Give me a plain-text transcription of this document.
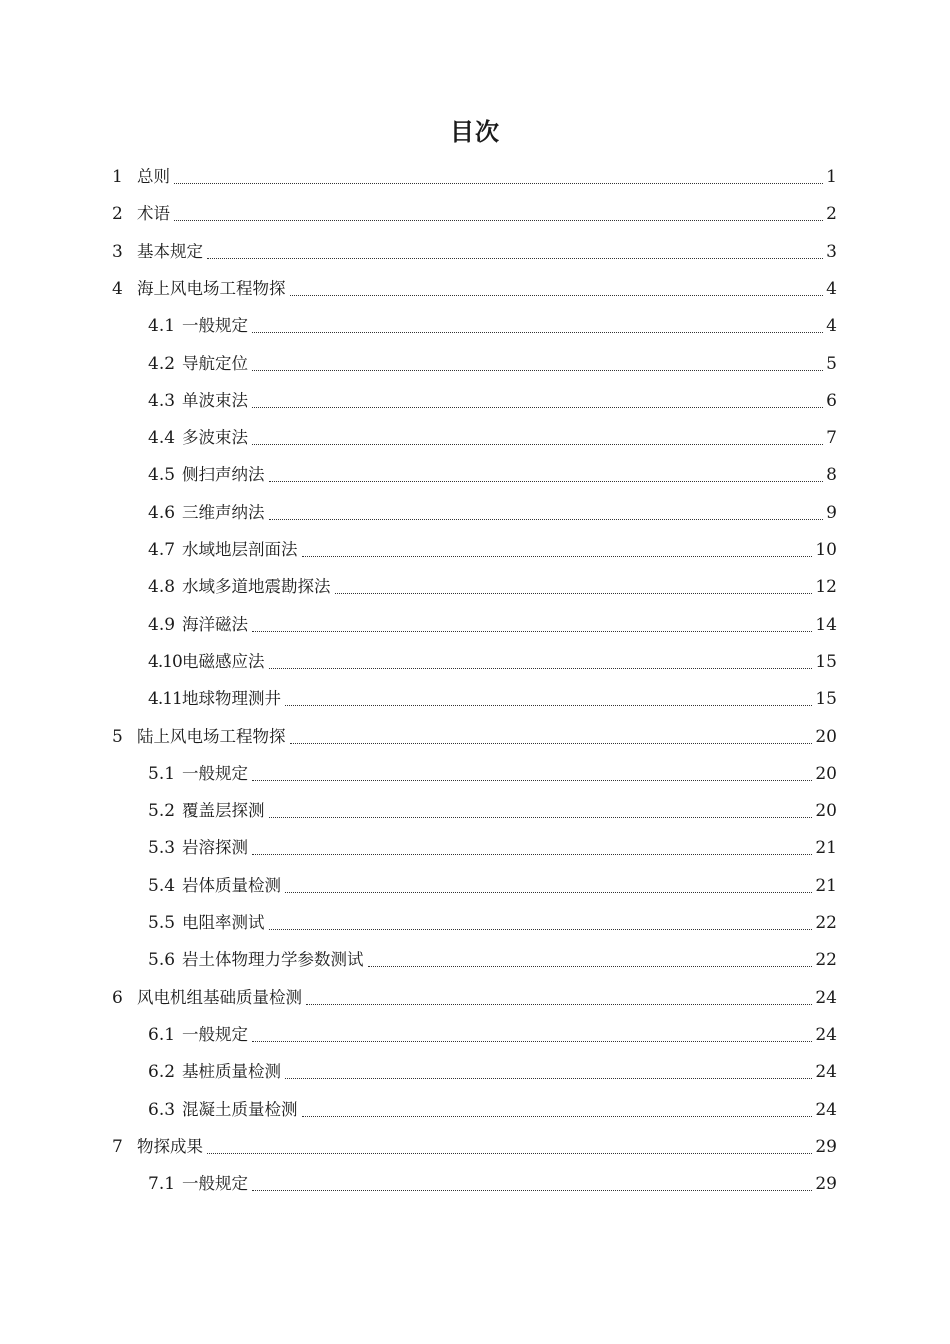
目次
1 总则	1
2 术语	2
3 基本规定	3
4 海上风电场工程物探	4
4.1 一般规定	4
4.2 导航定位	5
4.3 单波束法	6
4.4 多波束法	7
4.5 侧扫声纳法	8
4.6 三维声纳法	9
4.7 水域地层剖面法	10
4.8 水域多道地震勘探法	12
4.9 海洋磁法	14
4.10 电磁感应法	15
4.11 地球物理测井	15
5 陆上风电场工程物探	20
5.1 一般规定	20
5.2 覆盖层探测	20
5.3 岩溶探测	21
5.4 岩体质量检测	21
5.5 电阻率测试	22
5.6 岩土体物理力学参数测试	22
6 风电机组基础质量检测	24
6.1 一般规定	24
6.2 基桩质量检测	24
6.3 混凝土质量检测	24
7 物探成果	29
7.1 一般规定	29
